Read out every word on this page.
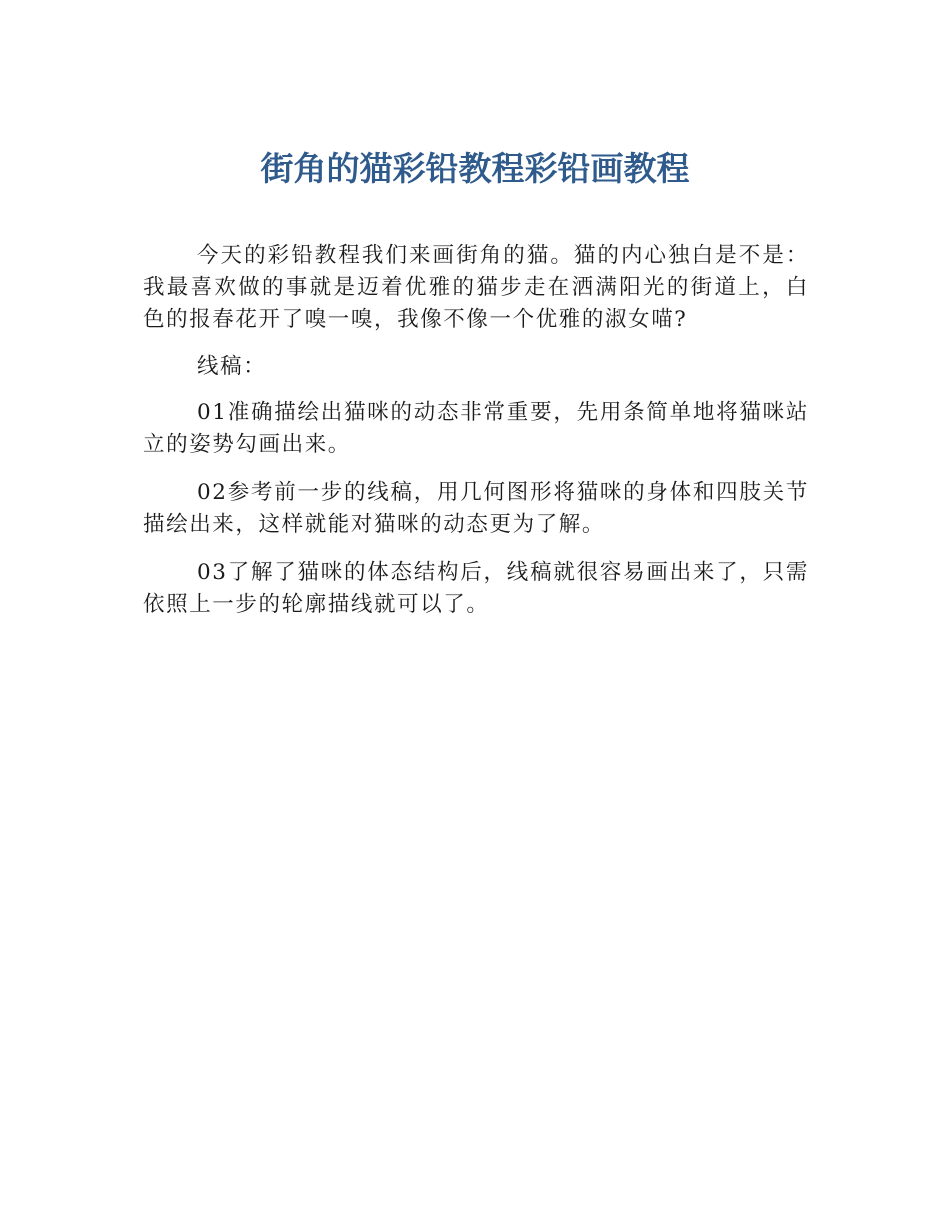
街角的猫彩铅教程彩铅画教程

今天的彩铅教程我们来画街角的猫。猫的内心独白是不是：我最喜欢做的事就是迈着优雅的猫步走在洒满阳光的街道上，白色的报春花开了嗅一嗅，我像不像一个优雅的淑女喵?

线稿：

01准确描绘出猫咪的动态非常重要，先用条简单地将猫咪站立的姿势勾画出来。

02参考前一步的线稿，用几何图形将猫咪的身体和四肢关节描绘出来，这样就能对猫咪的动态更为了解。

03了解了猫咪的体态结构后，线稿就很容易画出来了，只需依照上一步的轮廓描线就可以了。
